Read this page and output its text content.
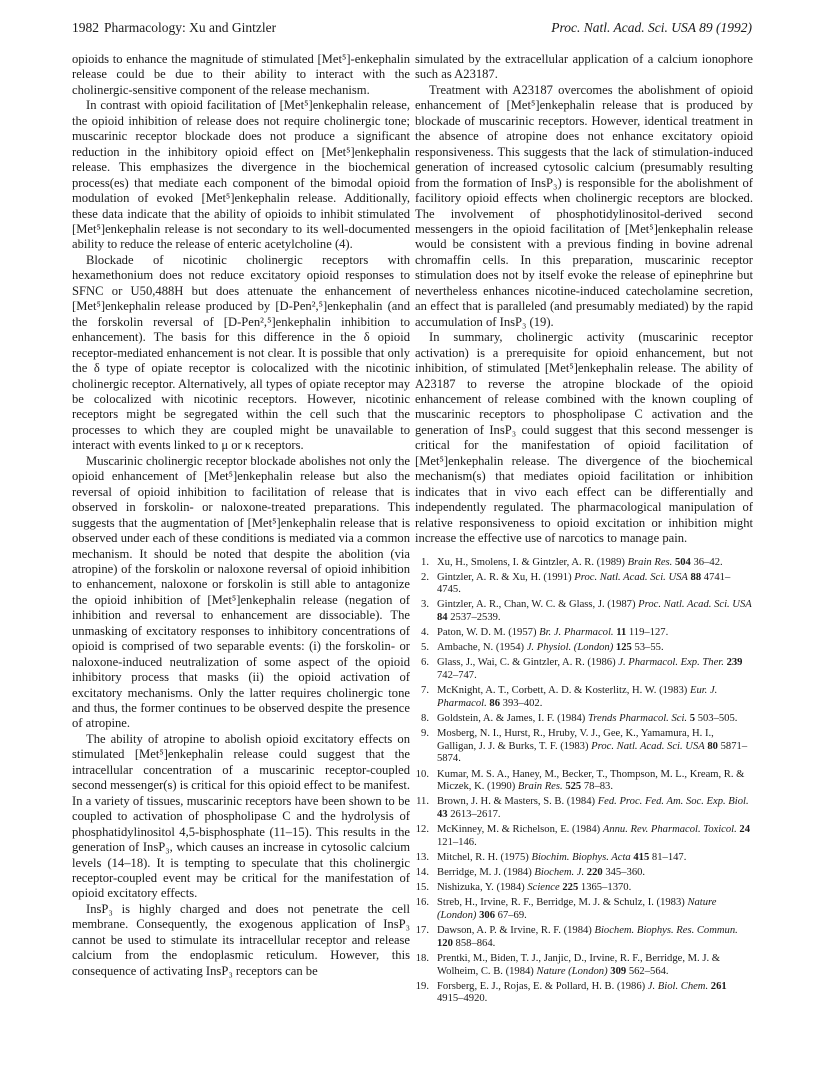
1982 Pharmacology: Xu and Gintzler	Proc. Natl. Acad. Sci. USA 89 (1992)

opioids to enhance the magnitude of stimulated [Met⁵]-enkephalin release could be due to their ability to interact with the cholinergic-sensitive component of the release mechanism.

In contrast with opioid facilitation of [Met⁵]enkephalin release, the opioid inhibition of release does not require cholinergic tone; muscarinic receptor blockade does not produce a significant reduction in the inhibitory opioid effect on [Met⁵]enkephalin release. This emphasizes the divergence in the biochemical process(es) that mediate each component of the bimodal opioid modulation of evoked [Met⁵]enkephalin release. Additionally, these data indicate that the ability of opioids to inhibit stimulated [Met⁵]enkephalin release is not secondary to its well-documented ability to reduce the release of enteric acetylcholine (4).

Blockade of nicotinic cholinergic receptors with hexamethonium does not reduce excitatory opioid responses to SFNC or U50,488H but does attenuate the enhancement of [Met⁵]enkephalin release produced by [D-Pen²,⁵]enkephalin (and the forskolin reversal of [D-Pen²,⁵]enkephalin inhibition to enhancement). The basis for this difference in the δ opioid receptor-mediated enhancement is not clear. It is possible that only the δ type of opiate receptor is colocalized with the nicotinic cholinergic receptor. Alternatively, all types of opiate receptor may be colocalized with nicotinic receptors. However, nicotinic receptors might be segregated within the cell such that the processes to which they are coupled might be unavailable to interact with events linked to μ or κ receptors.

Muscarinic cholinergic receptor blockade abolishes not only the opioid enhancement of [Met⁵]enkephalin release but also the reversal of opioid inhibition to facilitation of release that is observed in forskolin- or naloxone-treated preparations. This suggests that the augmentation of [Met⁵]enkephalin release that is observed under each of these conditions is mediated via a common mechanism. It should be noted that despite the abolition (via atropine) of the forskolin or naloxone reversal of opioid inhibition to enhancement, naloxone or forskolin is still able to antagonize the opioid inhibition of [Met⁵]enkephalin release (negation of inhibition and reversal to enhancement are dissociable). The unmasking of excitatory responses to inhibitory concentrations of opioid is comprised of two separable events: (i) the forskolin- or naloxone-induced neutralization of some aspect of the opioid inhibitory process that masks (ii) the opioid activation of excitatory mechanisms. Only the latter requires cholinergic tone and thus, the former continues to be observed despite the presence of atropine.

The ability of atropine to abolish opioid excitatory effects on stimulated [Met⁵]enkephalin release could suggest that the intracellular concentration of a muscarinic receptor-coupled second messenger(s) is critical for this opioid effect to be manifest. In a variety of tissues, muscarinic receptors have been shown to be coupled to activation of phospholipase C and the hydrolysis of phosphatidylinositol 4,5-bisphosphate (11–15). This results in the generation of InsP₃, which causes an increase in cytosolic calcium levels (14–18). It is tempting to speculate that this cholinergic receptor-coupled event may be critical for the manifestation of opioid excitatory effects.

InsP₃ is highly charged and does not penetrate the cell membrane. Consequently, the exogenous application of InsP₃ cannot be used to stimulate its intracellular receptor and release calcium from the endoplasmic reticulum. However, this consequence of activating InsP₃ receptors can be

simulated by the extracellular application of a calcium ionophore such as A23187.

Treatment with A23187 overcomes the abolishment of opioid enhancement of [Met⁵]enkephalin release that is produced by blockade of muscarinic receptors. However, identical treatment in the absence of atropine does not enhance excitatory opioid responsiveness. This suggests that the lack of stimulation-induced generation of increased cytosolic calcium (presumably resulting from the formation of InsP₃) is responsible for the abolishment of facilitory opioid effects when cholinergic receptors are blocked. The involvement of phosphotidylinositol-derived second messengers in the opioid facilitation of [Met⁵]enkephalin release would be consistent with a previous finding in bovine adrenal chromaffin cells. In this preparation, muscarinic receptor stimulation does not by itself evoke the release of epinephrine but nevertheless enhances nicotine-induced catecholamine secretion, an effect that is paralleled (and presumably mediated) by the rapid accumulation of InsP₃ (19).

In summary, cholinergic activity (muscarinic receptor activation) is a prerequisite for opioid enhancement, but not inhibition, of stimulated [Met⁵]enkephalin release. The ability of A23187 to reverse the atropine blockade of the opioid enhancement of release combined with the known coupling of muscarinic receptors to phospholipase C activation and the generation of InsP₃ could suggest that this second messenger is critical for the manifestation of opioid facilitation of [Met⁵]enkephalin release. The divergence of the biochemical mechanism(s) that mediates opioid facilitation or inhibition indicates that in vivo each effect can be differentially and independently regulated. The pharmacological manipulation of relative responsiveness to opioid excitation or inhibition might increase the effective use of narcotics to manage pain.

1. Xu, H., Smolens, I. & Gintzler, A. R. (1989) Brain Res. 504 36–42.
2. Gintzler, A. R. & Xu, H. (1991) Proc. Natl. Acad. Sci. USA 88 4741–4745.
3. Gintzler, A. R., Chan, W. C. & Glass, J. (1987) Proc. Natl. Acad. Sci. USA 84 2537–2539.
4. Paton, W. D. M. (1957) Br. J. Pharmacol. 11 119–127.
5. Ambache, N. (1954) J. Physiol. (London) 125 53–55.
6. Glass, J., Wai, C. & Gintzler, A. R. (1986) J. Pharmacol. Exp. Ther. 239 742–747.
7. McKnight, A. T., Corbett, A. D. & Kosterlitz, H. W. (1983) Eur. J. Pharmacol. 86 393–402.
8. Goldstein, A. & James, I. F. (1984) Trends Pharmacol. Sci. 5 503–505.
9. Mosberg, N. I., Hurst, R., Hruby, V. J., Gee, K., Yamamura, H. I., Galligan, J. J. & Burks, T. F. (1983) Proc. Natl. Acad. Sci. USA 80 5871–5874.
10. Kumar, M. S. A., Haney, M., Becker, T., Thompson, M. L., Kream, R. & Miczek, K. (1990) Brain Res. 525 78–83.
11. Brown, J. H. & Masters, S. B. (1984) Fed. Proc. Fed. Am. Soc. Exp. Biol. 43 2613–2617.
12. McKinney, M. & Richelson, E. (1984) Annu. Rev. Pharmacol. Toxicol. 24 121–146.
13. Mitchel, R. H. (1975) Biochim. Biophys. Acta 415 81–147.
14. Berridge, M. J. (1984) Biochem. J. 220 345–360.
15. Nishizuka, Y. (1984) Science 225 1365–1370.
16. Streb, H., Irvine, R. F., Berridge, M. J. & Schulz, I. (1983) Nature (London) 306 67–69.
17. Dawson, A. P. & Irvine, R. F. (1984) Biochem. Biophys. Res. Commun. 120 858–864.
18. Prentki, M., Biden, T. J., Janjic, D., Irvine, R. F., Berridge, M. J. & Wolheim, C. B. (1984) Nature (London) 309 562–564.
19. Forsberg, E. J., Rojas, E. & Pollard, H. B. (1986) J. Biol. Chem. 261 4915–4920.
